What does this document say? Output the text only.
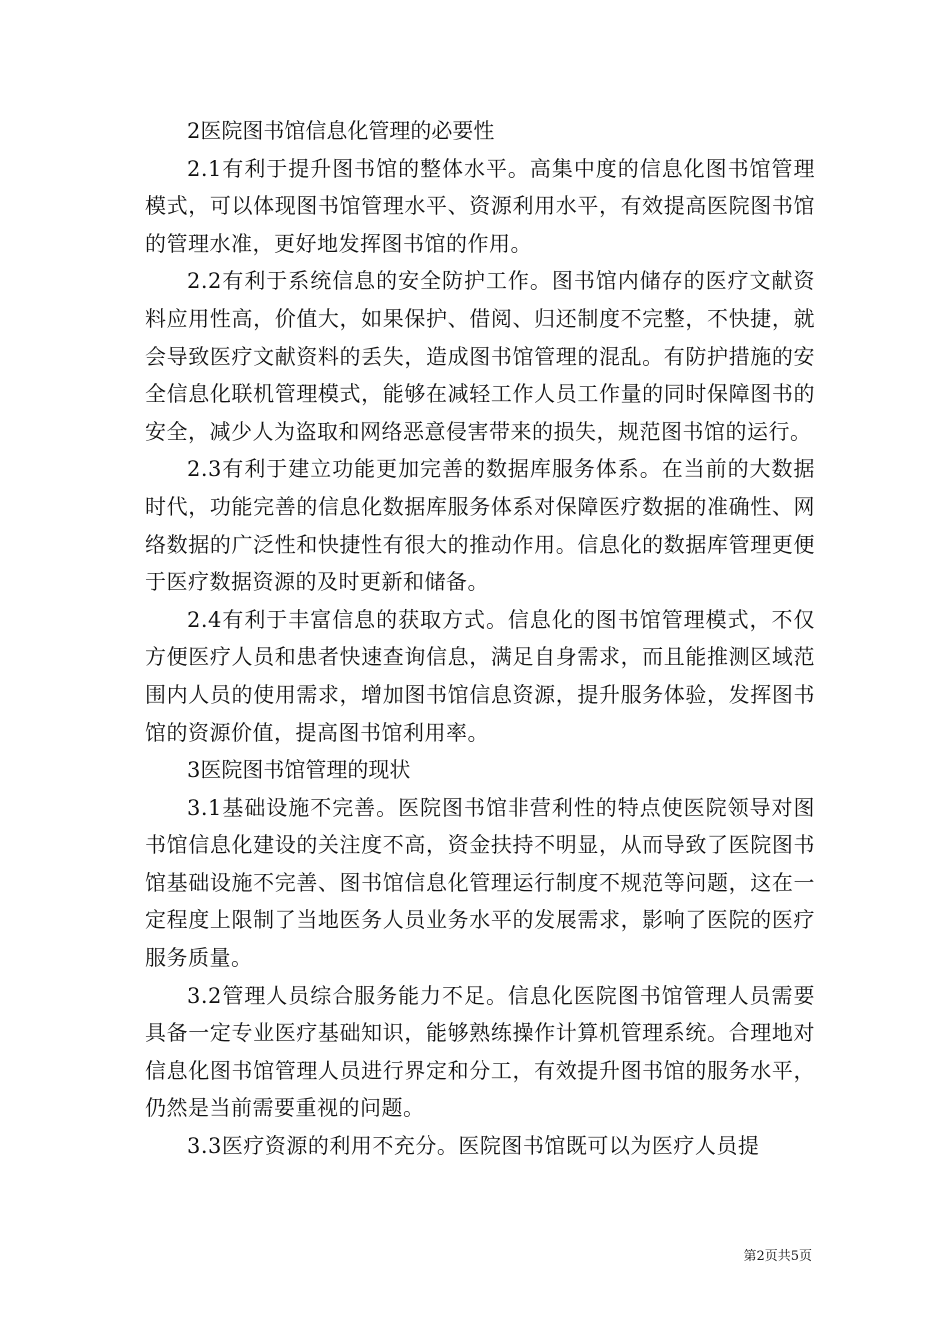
2医院图书馆信息化管理的必要性

2.1有利于提升图书馆的整体水平。高集中度的信息化图书馆管理模式，可以体现图书馆管理水平、资源利用水平，有效提高医院图书馆的管理水准，更好地发挥图书馆的作用。

2.2有利于系统信息的安全防护工作。图书馆内储存的医疗文献资料应用性高，价值大，如果保护、借阅、归还制度不完整，不快捷，就会导致医疗文献资料的丢失，造成图书馆管理的混乱。有防护措施的安全信息化联机管理模式，能够在减轻工作人员工作量的同时保障图书的安全，减少人为盗取和网络恶意侵害带来的损失，规范图书馆的运行。

2.3有利于建立功能更加完善的数据库服务体系。在当前的大数据时代，功能完善的信息化数据库服务体系对保障医疗数据的准确性、网络数据的广泛性和快捷性有很大的推动作用。信息化的数据库管理更便于医疗数据资源的及时更新和储备。

2.4有利于丰富信息的获取方式。信息化的图书馆管理模式，不仅方便医疗人员和患者快速查询信息，满足自身需求，而且能推测区域范围内人员的使用需求，增加图书馆信息资源，提升服务体验，发挥图书馆的资源价值，提高图书馆利用率。

3医院图书馆管理的现状

3.1基础设施不完善。医院图书馆非营利性的特点使医院领导对图书馆信息化建设的关注度不高，资金扶持不明显，从而导致了医院图书馆基础设施不完善、图书馆信息化管理运行制度不规范等问题，这在一定程度上限制了当地医务人员业务水平的发展需求，影响了医院的医疗服务质量。

3.2管理人员综合服务能力不足。信息化医院图书馆管理人员需要具备一定专业医疗基础知识，能够熟练操作计算机管理系统。合理地对信息化图书馆管理人员进行界定和分工，有效提升图书馆的服务水平，仍然是当前需要重视的问题。

3.3医疗资源的利用不充分。医院图书馆既可以为医疗人员提

第2页共5页
